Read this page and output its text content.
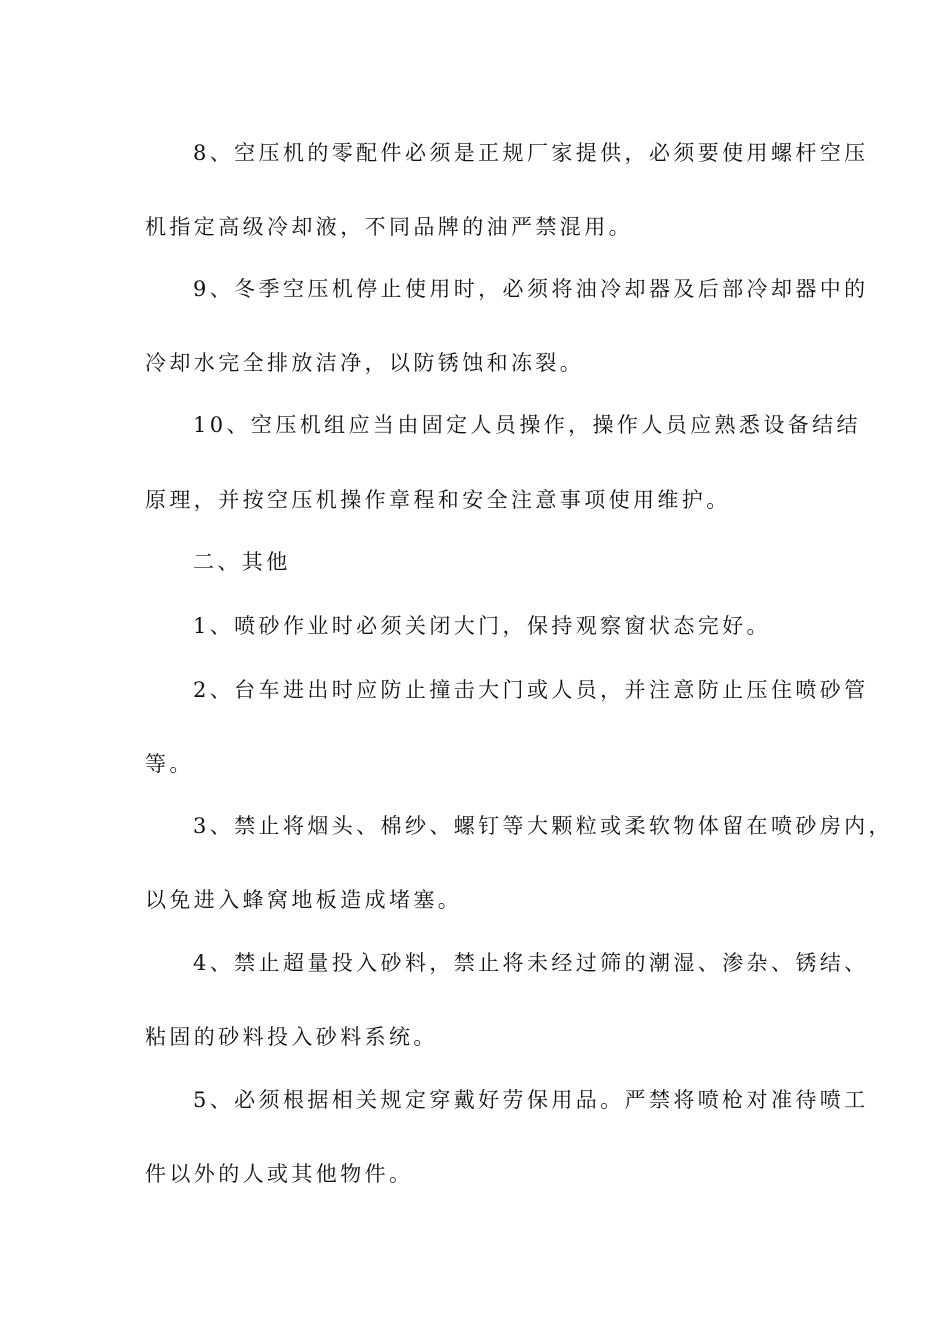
8、空压机的零配件必须是正规厂家提供，必须要使用螺杆空压
机指定高级冷却液，不同品牌的油严禁混用。
9、冬季空压机停止使用时，必须将油冷却器及后部冷却器中的
冷却水完全排放洁净，以防锈蚀和冻裂。
10、空压机组应当由固定人员操作，操作人员应熟悉设备结结
原理，并按空压机操作章程和安全注意事项使用维护。
二、其他
1、喷砂作业时必须关闭大门，保持观察窗状态完好。
2、台车进出时应防止撞击大门或人员，并注意防止压住喷砂管
等。
3、禁止将烟头、棉纱、螺钉等大颗粒或柔软物体留在喷砂房内，
以免进入蜂窝地板造成堵塞。
4、禁止超量投入砂料，禁止将未经过筛的潮湿、渗杂、锈结、
粘固的砂料投入砂料系统。
5、必须根据相关规定穿戴好劳保用品。严禁将喷枪对准待喷工
件以外的人或其他物件。
